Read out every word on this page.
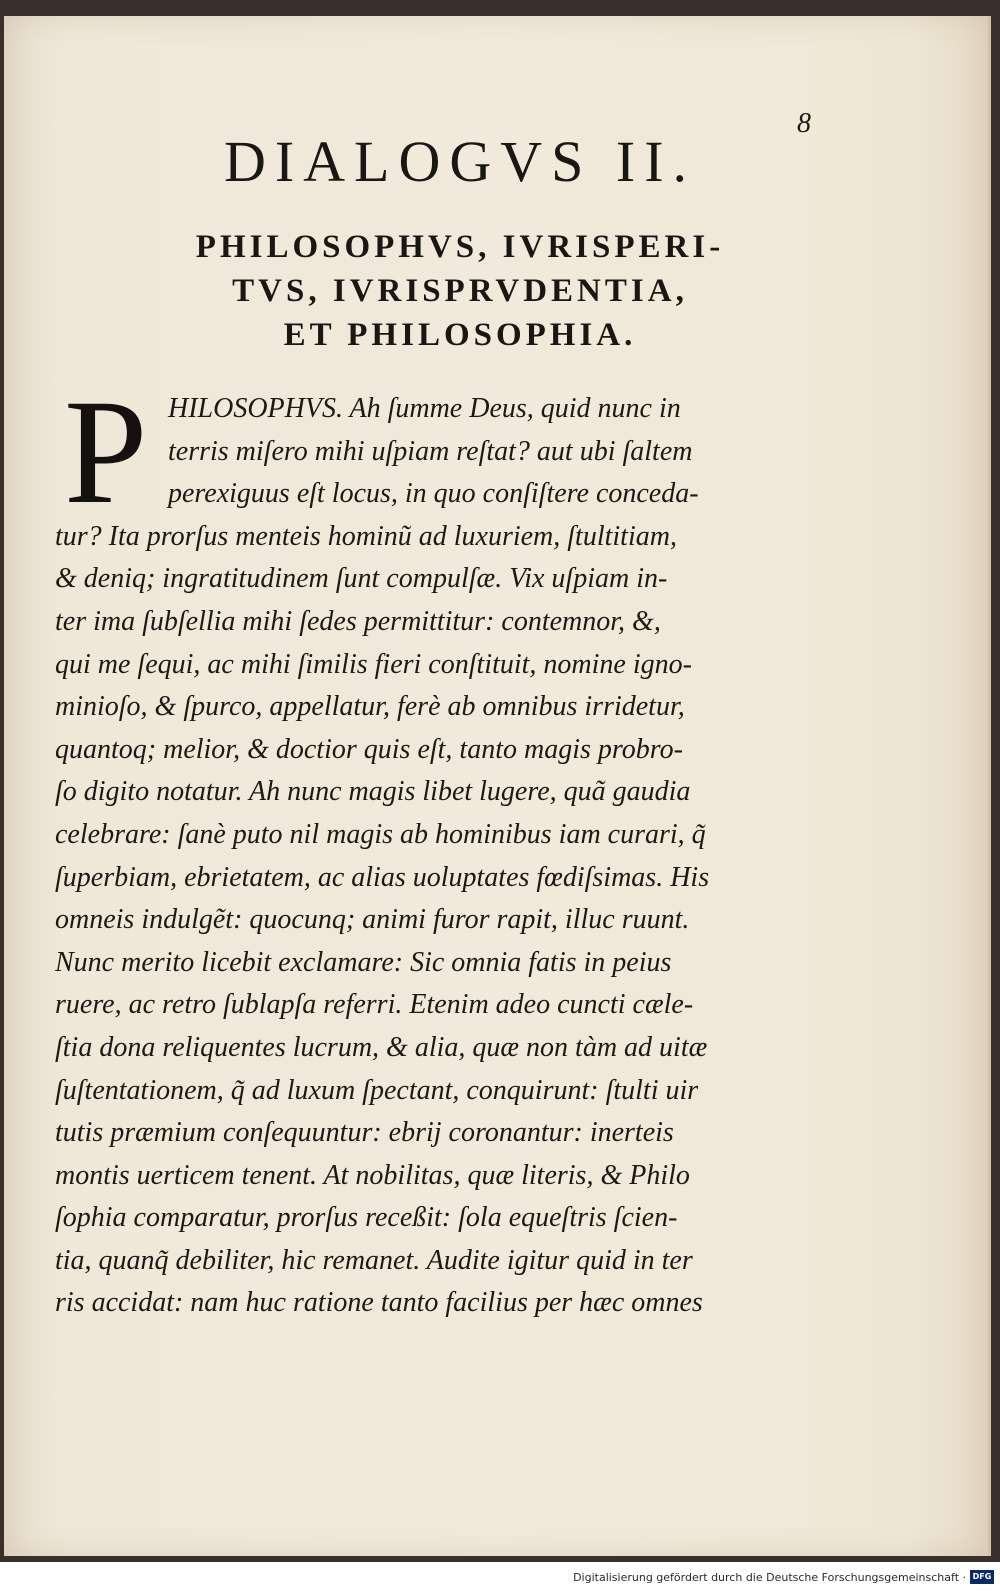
8
DIALOGVS II.
PHILOSOPHVS, IVRISPERI-
TVS, IVRISPRVDENTIA,
ET PHILOSOPHIA.
P HILOSOPHVS. Ah ſumme Deus, quid nunc in
terris miſero mihi uſpiam reſtat? aut ubi ſaltem
perexiguus eſt locus, in quo conſiſtere conceda-
tur? Ita prorſus menteis hominũ ad luxuriem, ſtultitiam,
& deniq; ingratitudinem ſunt compulſæ. Vix uſpiam in-
ter ima ſubſellia mihi ſedes permittitur: contemnor, &,
qui me ſequi, ac mihi ſimilis fieri conſtituit, nomine igno-
minioſo, & ſpurco, appellatur, ferè ab omnibus irridetur,
quantoq; melior, & doctior quis eſt, tanto magis probro-
ſo digito notatur. Ah nunc magis libet lugere, quã gaudia
celebrare: ſanè puto nil magis ab hominibus iam curari, q̃
ſuperbiam, ebrietatem, ac alias uoluptates fœdiſsimas. His
omneis indulgẽt: quocunq; animi furor rapit, illuc ruunt.
Nunc merito licebit exclamare: Sic omnia fatis in peius
ruere, ac retro ſublapſa referri. Etenim adeo cuncti cæle-
ſtia dona reliquentes lucrum, & alia, quæ non tàm ad uitæ
ſuſtentationem, q̃ ad luxum ſpectant, conquirunt: ſtulti uir
tutis præmium conſequuntur: ebrij coronantur: inerteis
montis uerticem tenent. At nobilitas, quæ literis, & Philo
ſophia comparatur, prorſus receßit: ſola equeſtris ſcien-
tia, quanq̃ debiliter, hic remanet. Audite igitur quid in ter
ris accidat: nam huc ratione tanto facilius per hæc omnes
Digitalisierung gefördert durch die Deutsche Forschungsgemeinschaft · DFG
